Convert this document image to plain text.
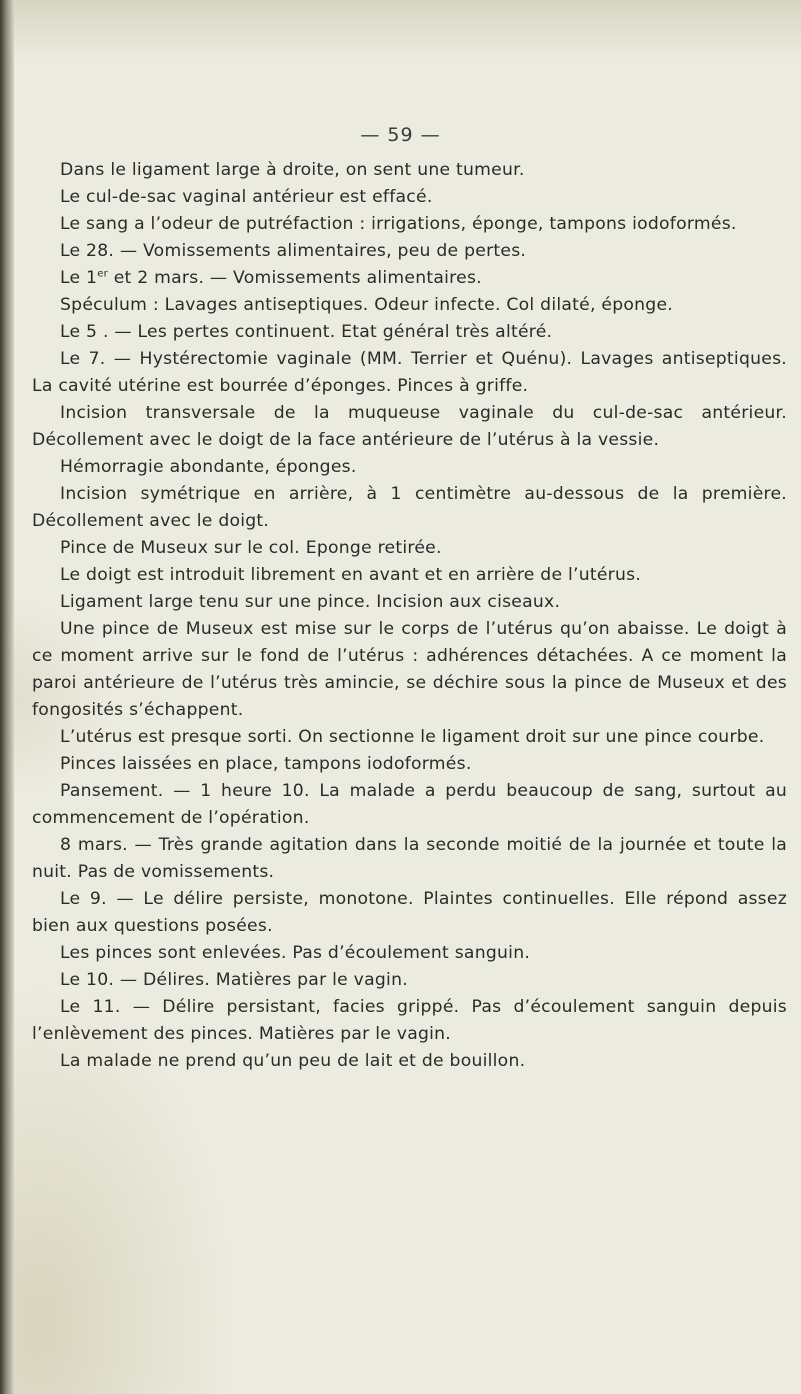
— 59 —

Dans le ligament large à droite, on sent une tumeur.

Le cul-de-sac vaginal antérieur est effacé.

Le sang a l’odeur de putréfaction : irrigations, éponge, tampons iodoformés.

Le 28. — Vomissements alimentaires, peu de pertes.

Le 1er et 2 mars. — Vomissements alimentaires.

Spéculum : Lavages antiseptiques. Odeur infecte. Col dilaté, éponge.

Le 5 . — Les pertes continuent. Etat général très altéré.

Le 7. — Hystérectomie vaginale (MM. Terrier et Quénu). Lavages antiseptiques. La cavité utérine est bourrée d’éponges. Pinces à griffe.

Incision transversale de la muqueuse vaginale du cul-de-sac antérieur. Décollement avec le doigt de la face antérieure de l’utérus à la vessie.

Hémorragie abondante, éponges.

Incision symétrique en arrière, à 1 centimètre au-dessous de la première. Décollement avec le doigt.

Pince de Museux sur le col. Eponge retirée.

Le doigt est introduit librement en avant et en arrière de l’utérus.

Ligament large tenu sur une pince. Incision aux ciseaux.

Une pince de Museux est mise sur le corps de l’utérus qu’on abaisse. Le doigt à ce moment arrive sur le fond de l’utérus : adhérences détachées. A ce moment la paroi antérieure de l’utérus très amincie, se déchire sous la pince de Museux et des fongosités s’échappent.

L’utérus est presque sorti. On sectionne le ligament droit sur une pince courbe.

Pinces laissées en place, tampons iodoformés.

Pansement. — 1 heure 10. La malade a perdu beaucoup de sang, surtout au commencement de l’opération.

8 mars. — Très grande agitation dans la seconde moitié de la journée et toute la nuit. Pas de vomissements.

Le 9. — Le délire persiste, monotone. Plaintes continuelles. Elle répond assez bien aux questions posées.

Les pinces sont enlevées. Pas d’écoulement sanguin.

Le 10. — Délires. Matières par le vagin.

Le 11. — Délire persistant, facies grippé. Pas d’écoulement sanguin depuis l’enlèvement des pinces. Matières par le vagin.

La malade ne prend qu’un peu de lait et de bouillon.
